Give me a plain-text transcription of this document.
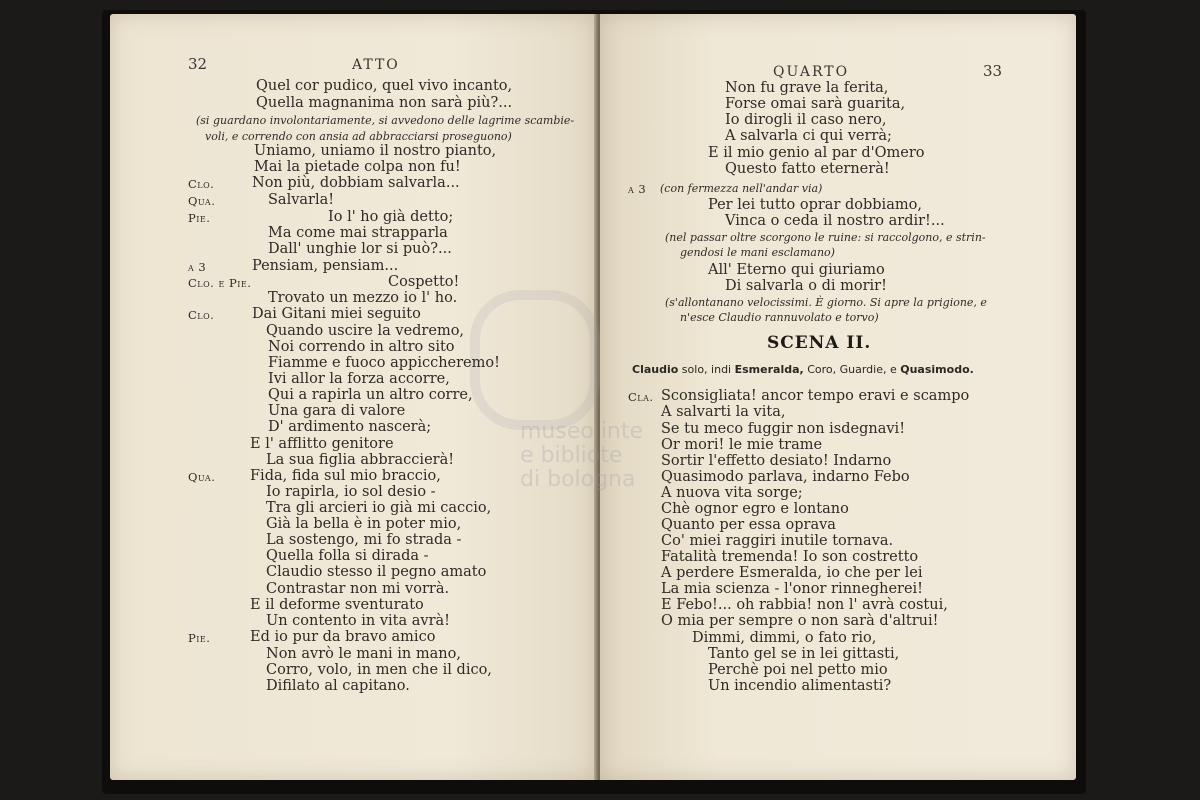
museo inte
e bibliote
di bologna
32	ATTO	33
QUARTO
Quel cor pudico, quel vivo incanto,
Quella magnanima non sarà più?...
(si guardano involontariamente, si avvedono delle lagrime scambie-
voli, e correndo con ansia ad abbracciarsi proseguono)
Uniamo, uniamo il nostro pianto,
Mai la pietade colpa non fu!
Clo.	Non più, dobbiam salvarla...
Qua.	Salvarla!
Pie.	Io l' ho già detto;
Ma come mai strapparla
Dall' unghie lor si può?...
a 3	Pensiam, pensiam...
Clo. e Pie.	Cospetto!
Trovato un mezzo io l' ho.
Clo.	Dai Gitani miei seguito
Quando uscire la vedremo,
Noi correndo in altro sito
Fiamme e fuoco appiccheremo!
Ivi allor la forza accorre,
Qui a rapirla un altro corre,
Una gara di valore
D' ardimento nascerà;
E l' afflitto genitore
La sua figlia abbraccierà!
Qua. Fida, fida sul mio braccio,
Io rapirla, io sol desio -
Tra gli arcieri io già mi caccio,
Già la bella è in poter mio,
La sostengo, mi fo strada -
Quella folla si dirada -
Claudio stesso il pegno amato
Contrastar non mi vorrà.
E il deforme sventurato
Un contento in vita avrà!
Pie.	Ed io pur da bravo amico
Non avrò le mani in mano,
Corro, volo, in men che il dico,
Difilato al capitano.
Non fu grave la ferita,
Forse omai sarà guarita,
Io dirogli il caso nero,
A salvarla ci qui verrà;
E il mio genio al par d'Omero
Questo fatto eternerà!
a 3 (con fermezza nell'andar via)
Per lei tutto oprar dobbiamo,
Vinca o ceda il nostro ardir!...
(nel passar oltre scorgono le ruine: si raccolgono, e strin-
gendosi le mani esclamano)
All' Eterno qui giuriamo
Di salvarla o di morir!
(s'allontanano velocissimi. È giorno. Si apre la prigione, e
n'esce Claudio rannuvolato e torvo)
SCENA II.
Claudio solo, indi Esmeralda, Coro, Guardie, e Quasimodo.
Cla. Sconsigliata! ancor tempo eravi e scampo
A salvarti la vita,
Se tu meco fuggir non isdegnavi!
Or mori! le mie trame
Sortir l'effetto desiato! Indarno
Quasimodo parlava, indarno Febo
A nuova vita sorge;
Chè ognor egro e lontano
Quanto per essa oprava
Co' miei raggiri inutile tornava.
Fatalità tremenda! Io son costretto
A perdere Esmeralda, io che per lei
La mia scienza - l'onor rinnegherei!
E Febo!... oh rabbia! non l' avrà costui,
O mia per sempre o non sarà d'altrui!
Dimmi, dimmi, o fato rio,
Tanto gel se in lei gittasti,
Perchè poi nel petto mio
Un incendio alimentasti?
